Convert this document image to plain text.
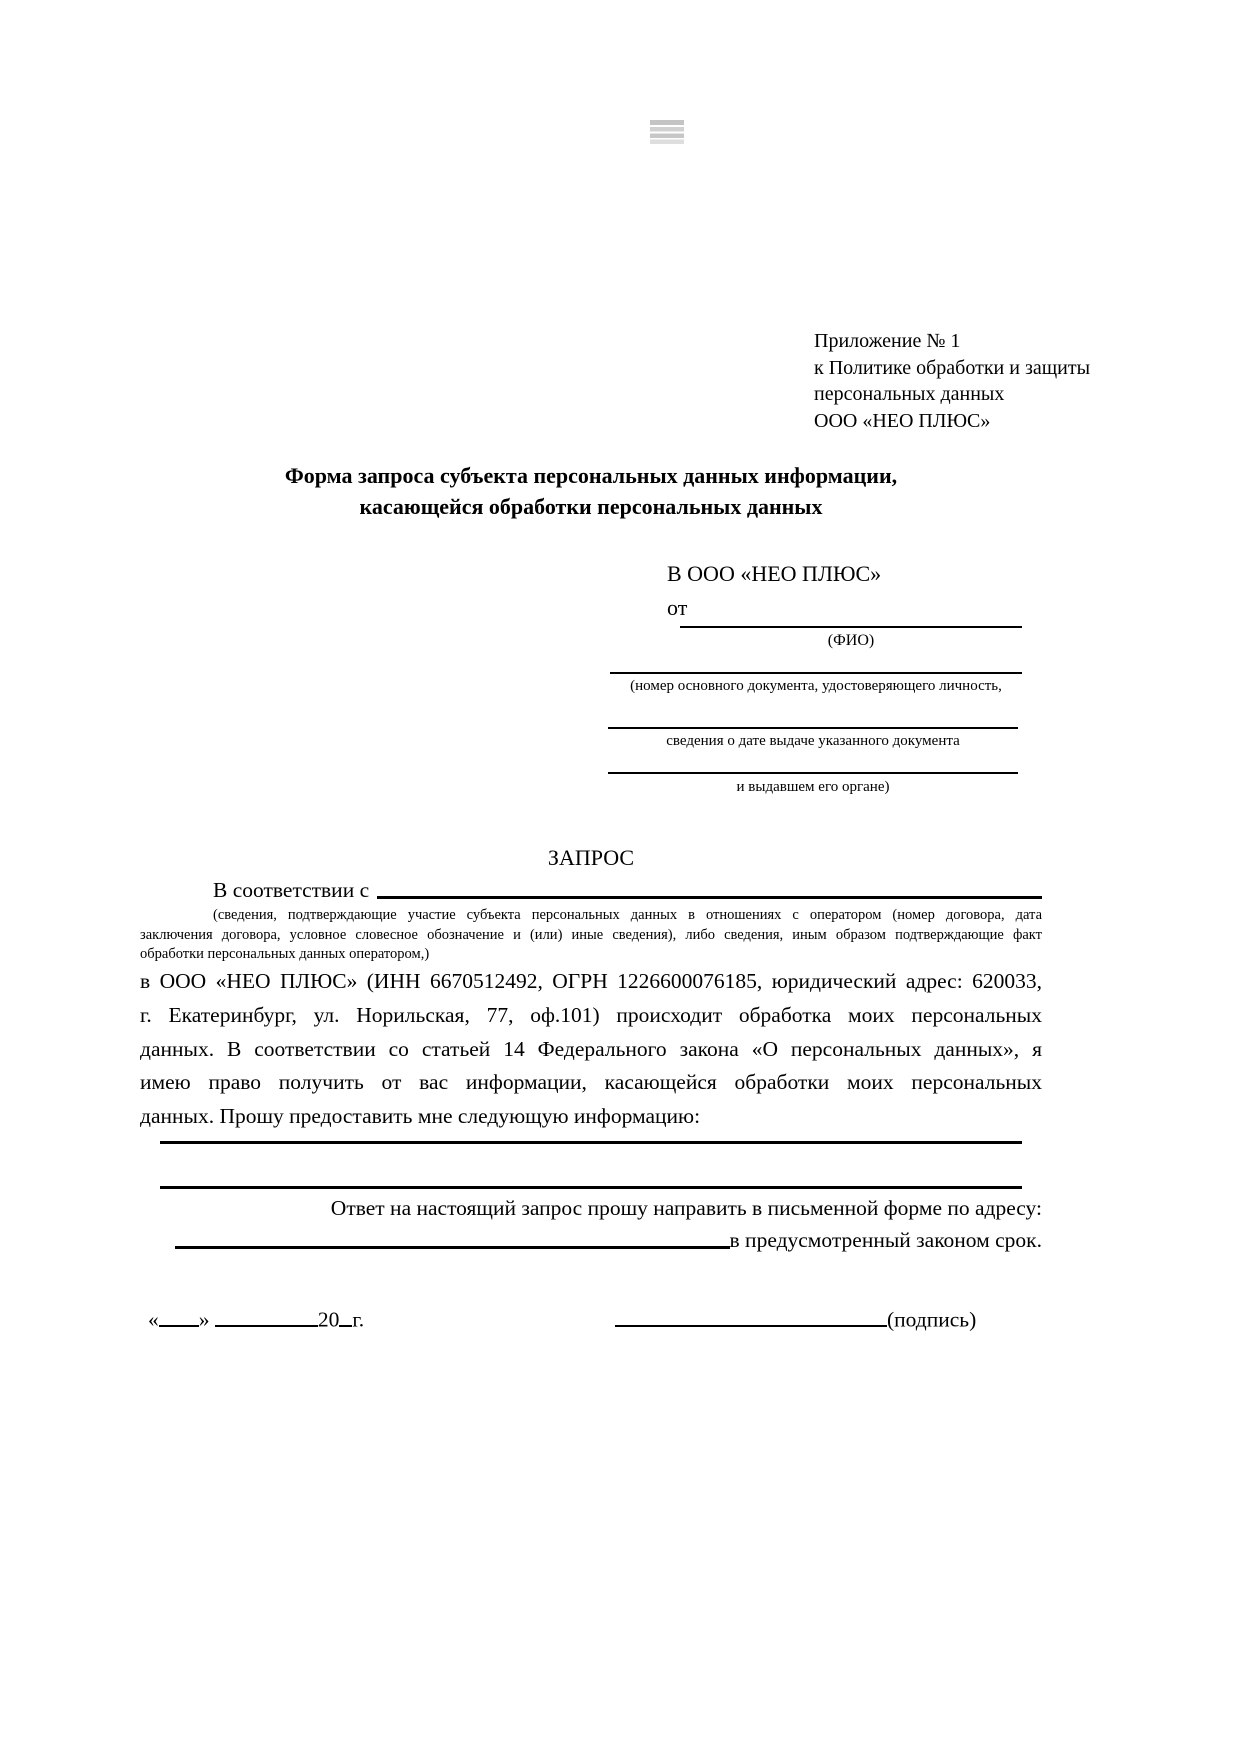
Приложение № 1
к Политике обработки и защиты
персональных данных
ООО «НЕО ПЛЮС»
Форма запроса субъекта персональных данных информации,
касающейся обработки персональных данных
В ООО «НЕО ПЛЮС»
от
(ФИО)
(номер основного документа, удостоверяющего личность,
сведения о дате выдаче указанного документа
и выдавшем его органе)
ЗАПРОС
В соответствии с
(сведения, подтверждающие участие субъекта персональных данных в отношениях с оператором (номер договора, дата
заключения договора, условное словесное обозначение и (или) иные сведения), либо сведения, иным образом подтверждающие факт
обработки персональных данных оператором,)
в ООО «НЕО ПЛЮС» (ИНН 6670512492, ОГРН 1226600076185, юридический адрес: 620033,
г. Екатеринбург, ул. Норильская, 77, оф.101) происходит обработка моих персональных
данных. В соответствии со статьей 14 Федерального закона «О персональных данных», я
имею право получить от вас информации, касающейся обработки моих персональных
данных. Прошу предоставить мне следующую информацию:
Ответ на настоящий запрос прошу направить в письменной форме по адресу:
в предусмотренный законом срок.
« »	20 г.	(подпись)
